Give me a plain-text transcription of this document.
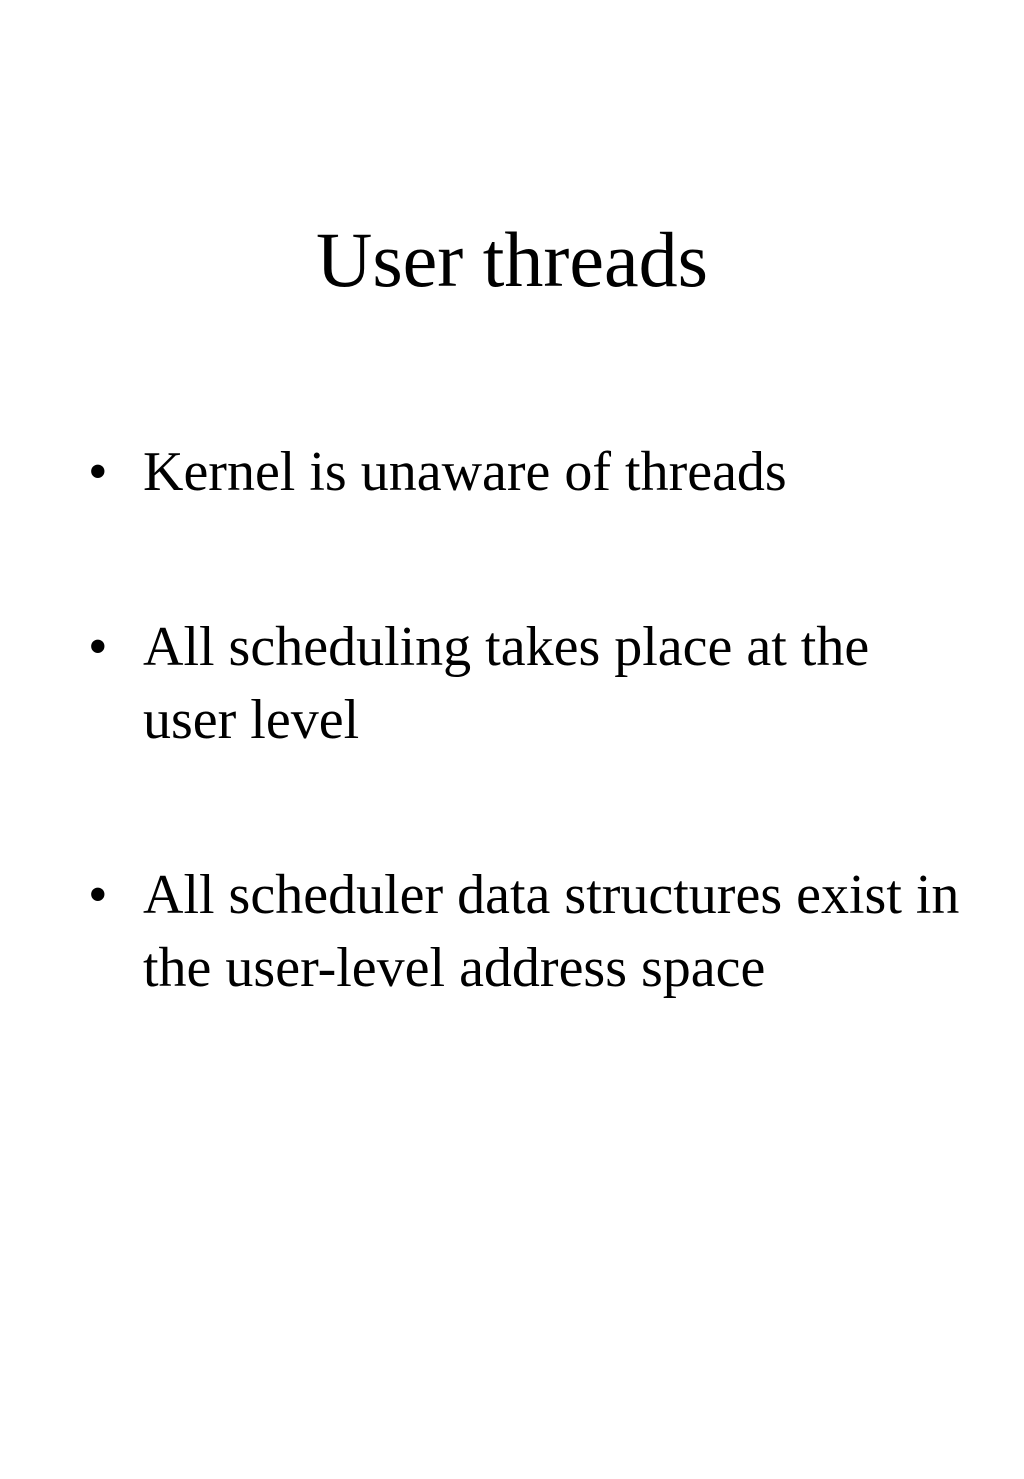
User threads
• Kernel is unaware of threads
• All scheduling takes place at the user level
• All scheduler data structures exist in the user-level address space
